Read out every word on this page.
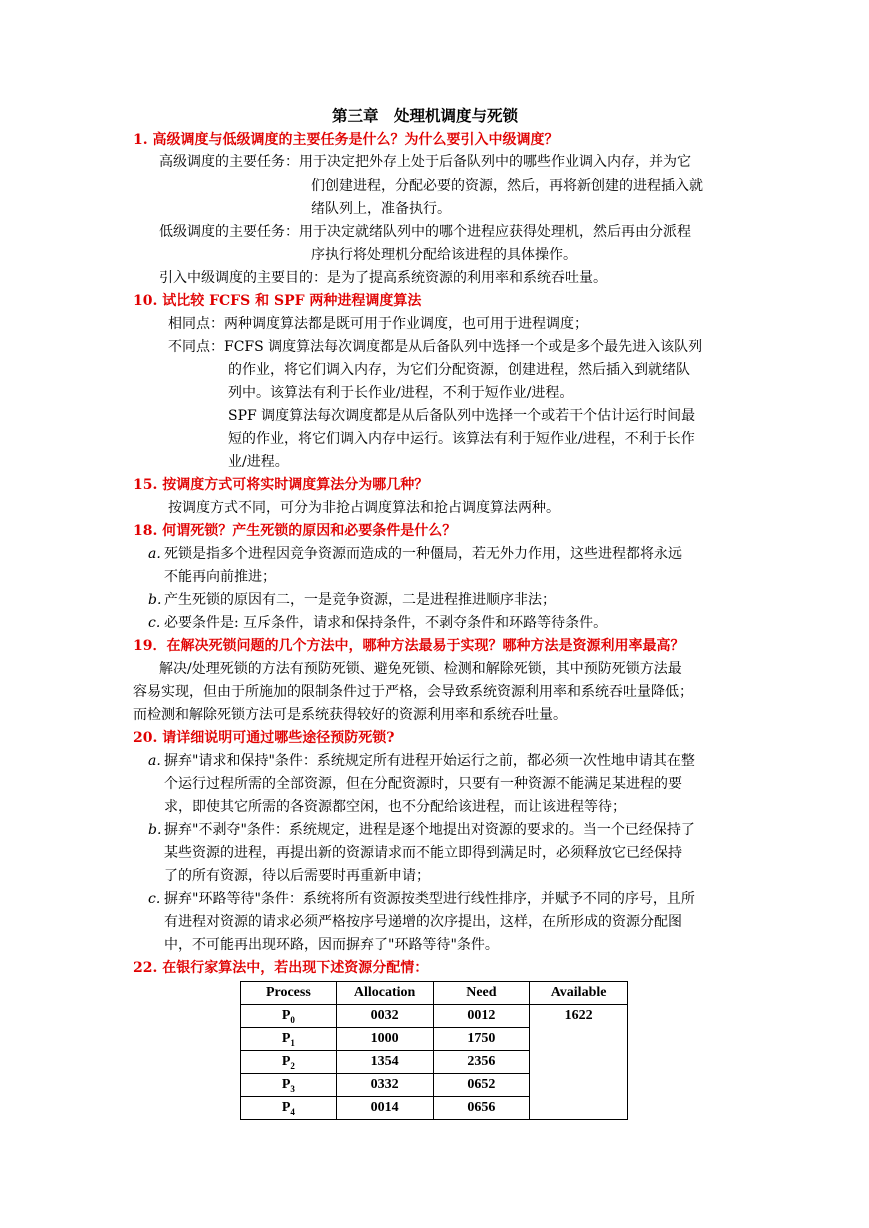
第三章　处理机调度与死锁
1. 高级调度与低级调度的主要任务是什么？为什么要引入中级调度？
高级调度的主要任务：用于决定把外存上处于后备队列中的哪些作业调入内存，并为它
们创建进程，分配必要的资源，然后，再将新创建的进程插入就
绪队列上，准备执行。
低级调度的主要任务：用于决定就绪队列中的哪个进程应获得处理机，然后再由分派程
序执行将处理机分配给该进程的具体操作。
引入中级调度的主要目的：是为了提高系统资源的利用率和系统吞吐量。
10. 试比较 FCFS 和 SPF 两种进程调度算法
相同点：两种调度算法都是既可用于作业调度，也可用于进程调度；
不同点：FCFS 调度算法每次调度都是从后备队列中选择一个或是多个最先进入该队列
的作业，将它们调入内存，为它们分配资源，创建进程，然后插入到就绪队
列中。该算法有利于长作业/进程，不利于短作业/进程。
SPF 调度算法每次调度都是从后备队列中选择一个或若干个估计运行时间最
短的作业，将它们调入内存中运行。该算法有利于短作业/进程，不利于长作
业/进程。
15. 按调度方式可将实时调度算法分为哪几种？
按调度方式不同，可分为非抢占调度算法和抢占调度算法两种。
18. 何谓死锁？产生死锁的原因和必要条件是什么？
a. 死锁是指多个进程因竞争资源而造成的一种僵局，若无外力作用，这些进程都将永远
不能再向前推进；
b. 产生死锁的原因有二，一是竞争资源，二是进程推进顺序非法；
c. 必要条件是: 互斥条件，请求和保持条件，不剥夺条件和环路等待条件。
19．在解决死锁问题的几个方法中，哪种方法最易于实现？哪种方法是资源利用率最高？
解决/处理死锁的方法有预防死锁、避免死锁、检测和解除死锁，其中预防死锁方法最
容易实现，但由于所施加的限制条件过于严格，会导致系统资源利用率和系统吞吐量降低；
而检测和解除死锁方法可是系统获得较好的资源利用率和系统吞吐量。
20. 请详细说明可通过哪些途径预防死锁?
a. 摒弃"请求和保持"条件：系统规定所有进程开始运行之前，都必须一次性地申请其在整
个运行过程所需的全部资源，但在分配资源时，只要有一种资源不能满足某进程的要
求，即使其它所需的各资源都空闲，也不分配给该进程，而让该进程等待；
b. 摒弃"不剥夺"条件：系统规定，进程是逐个地提出对资源的要求的。当一个已经保持了
某些资源的进程，再提出新的资源请求而不能立即得到满足时，必须释放它已经保持
了的所有资源，待以后需要时再重新申请；
c. 摒弃"环路等待"条件：系统将所有资源按类型进行线性排序，并赋予不同的序号，且所
有进程对资源的请求必须严格按序号递增的次序提出，这样，在所形成的资源分配图
中，不可能再出现环路，因而摒弃了"环路等待"条件。
22. 在银行家算法中，若出现下述资源分配情：
Process	Allocation	Need	Available
$P_0$	0032	0012	1622
$P_1$	1000	1750	
$P_2$	1354	2356	
$P_3$	0332	0652	
$P_4$	0014	0656	
